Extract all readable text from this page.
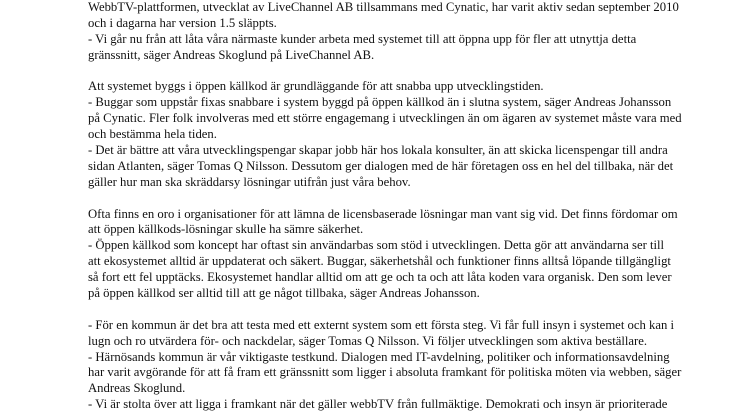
WebbTV-plattformen, utvecklat av LiveChannel AB tillsammans med Cynatic, har varit aktiv sedan september 2010
och i dagarna har version 1.5 släppts.
- Vi går nu från att låta våra närmaste kunder arbeta med systemet till att öppna upp för fler att utnyttja detta
gränssnitt, säger Andreas Skoglund på LiveChannel AB.
Att systemet byggs i öppen källkod är grundläggande för att snabba upp utvecklingstiden.
- Buggar som uppstår fixas snabbare i system byggd på öppen källkod än i slutna system, säger Andreas Johansson
på Cynatic. Fler folk involveras med ett större engagemang i utvecklingen än om ägaren av systemet måste vara med
och bestämma hela tiden.
- Det är bättre att våra utvecklingspengar skapar jobb här hos lokala konsulter, än att skicka licenspengar till andra
sidan Atlanten, säger Tomas Q Nilsson. Dessutom ger dialogen med de här företagen oss en hel del tillbaka, när det
gäller hur man ska skräddarsy lösningar utifrån just våra behov.
Ofta finns en oro i organisationer för att lämna de licensbaserade lösningar man vant sig vid. Det finns fördomar om
att öppen källkods-lösningar skulle ha sämre säkerhet.
- Öppen källkod som koncept har oftast sin användarbas som stöd i utvecklingen. Detta gör att användarna ser till
att ekosystemet alltid är uppdaterat och säkert. Buggar, säkerhetshål och funktioner finns alltså löpande tillgängligt
så fort ett fel upptäcks. Ekosystemet handlar alltid om att ge och ta och att låta koden vara organisk. Den som lever
på öppen källkod ser alltid till att ge något tillbaka, säger Andreas Johansson.
- För en kommun är det bra att testa med ett externt system som ett första steg. Vi får full insyn i systemet och kan i
lugn och ro utvärdera för- och nackdelar, säger Tomas Q Nilsson. Vi följer utvecklingen som aktiva beställare.
- Härnösands kommun är vår viktigaste testkund. Dialogen med IT-avdelning, politiker och informationsavdelning
har varit avgörande för att få fram ett gränssnitt som ligger i absoluta framkant för politiska möten via webben, säger
Andreas Skoglund.
- Vi är stolta över att ligga i framkant när det gäller webbTV från fullmäktige. Demokrati och insyn är prioriterade
